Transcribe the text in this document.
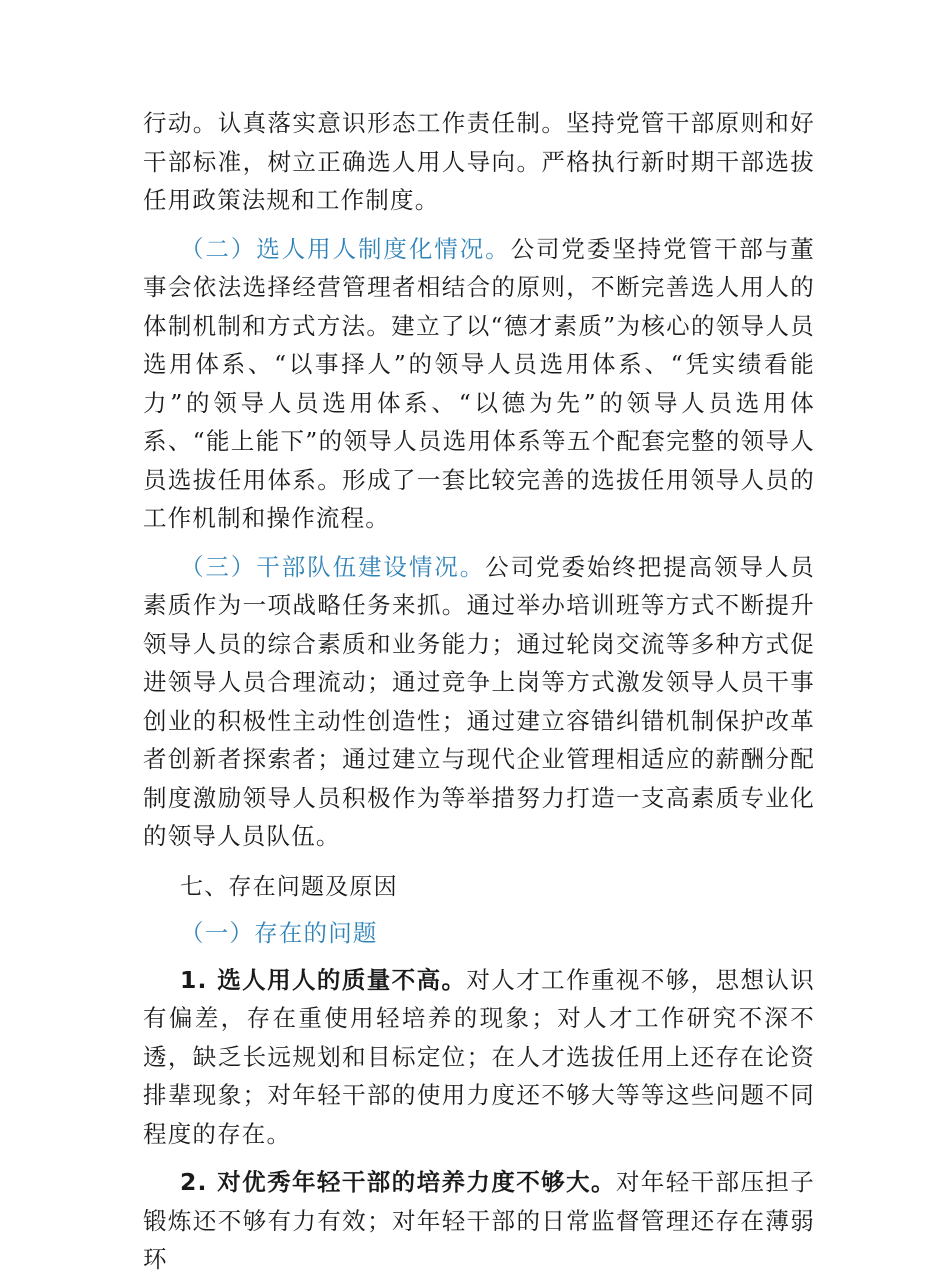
行动。认真落实意识形态工作责任制。坚持党管干部原则和好干部标准，树立正确选人用人导向。严格执行新时期干部选拔任用政策法规和工作制度。

（二）选人用人制度化情况。公司党委坚持党管干部与董事会依法选择经营管理者相结合的原则，不断完善选人用人的体制机制和方式方法。建立了以“德才素质”为核心的领导人员选用体系、“以事择人”的领导人员选用体系、“凭实绩看能力”的领导人员选用体系、“以德为先”的领导人员选用体系、“能上能下”的领导人员选用体系等五个配套完整的领导人员选拔任用体系。形成了一套比较完善的选拔任用领导人员的工作机制和操作流程。

（三）干部队伍建设情况。公司党委始终把提高领导人员素质作为一项战略任务来抓。通过举办培训班等方式不断提升领导人员的综合素质和业务能力；通过轮岗交流等多种方式促进领导人员合理流动；通过竞争上岗等方式激发领导人员干事创业的积极性主动性创造性；通过建立容错纠错机制保护改革者创新者探索者；通过建立与现代企业管理相适应的薪酬分配制度激励领导人员积极作为等举措努力打造一支高素质专业化的领导人员队伍。

七、存在问题及原因

（一）存在的问题

1. 选人用人的质量不高。对人才工作重视不够，思想认识有偏差，存在重使用轻培养的现象；对人才工作研究不深不透，缺乏长远规划和目标定位；在人才选拔任用上还存在论资排辈现象；对年轻干部的使用力度还不够大等等这些问题不同程度的存在。

2. 对优秀年轻干部的培养力度不够大。对年轻干部压担子锻炼还不够有力有效；对年轻干部的日常监督管理还存在薄弱环
